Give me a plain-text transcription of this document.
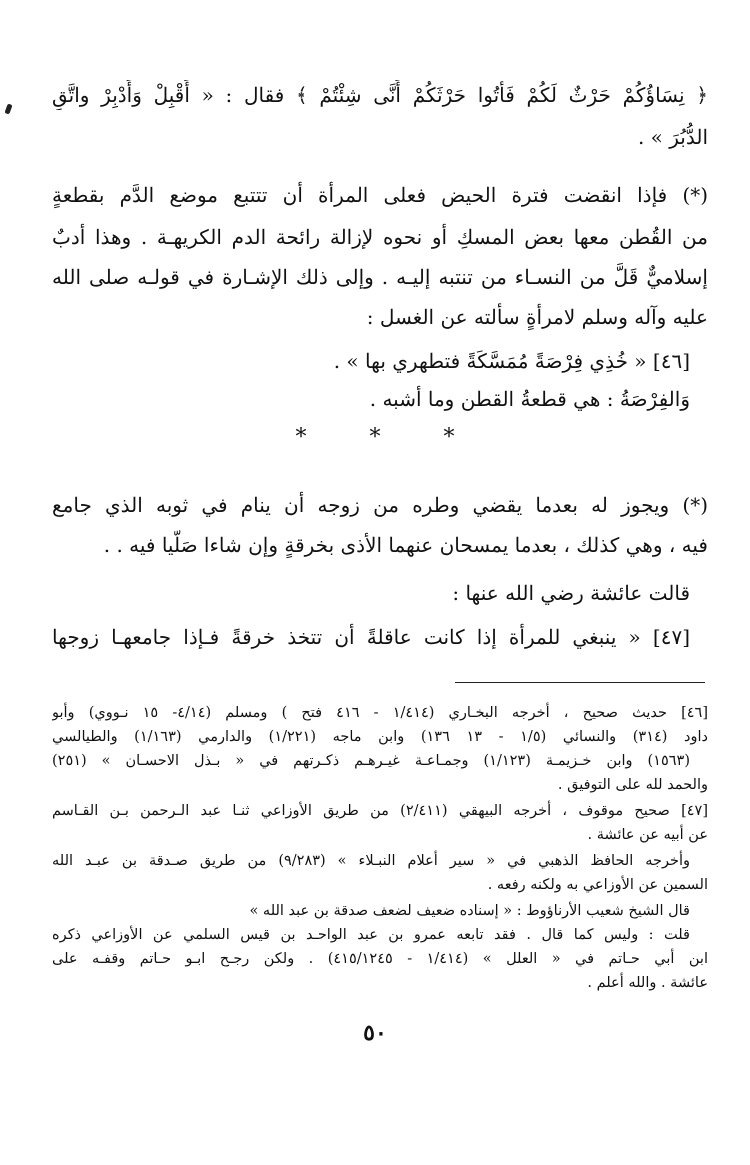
﴿ نِسَاؤُكُمْ حَرْثٌ لَكُمْ فَأْتُوا حَرْثَكُمْ أَنَّى شِئْتُمْ ﴾ فقال : « أَقْبِلْ وَأَدْبِرْ واتَّقِ
الدُّبُرَ » .
(*) فإذا انقضت فترة الحيض فعلى المرأة أن تتتبع موضع الدَّم بقطعةٍ
من القُطن معها بعض المسكِ أو نحوه لإزالة رائحة الدم الكريهـة . وهذا أدبٌ
إسلاميٌّ قَلَّ من النسـاء من تنتبه إليـه . وإلى ذلك الإشـارة في قولـه صلى الله
عليه وآله وسلم لامرأةٍ سألته عن الغسل :
[٤٦] « خُذِي فِرْصَةً مُمَسَّكَةً فتطهري بها » .
وَالفِرْصَةُ : هي قطعةُ القطن وما أشبه .
* * *
(*) ويجوز له بعدما يقضي وطره من زوجه أن ينام في ثوبه الذي جامع
فيه ، وهي كذلك ، بعدما يمسحان عنهما الأذى بخرقةٍ وإن شاءا صَلَّيا فيه . .
قالت عائشة رضي الله عنها :
[٤٧] « ينبغي للمرأة إذا كانت عاقلةً أن تتخذ خرقةً فـإذا جامعهـا زوجها
[٤٦] حديث صحيح ، أخرجه البخـاري (١/٤١٤ - ٤١٦ فتح ) ومسلم (٤/١٤- ١٥ نـووي) وأبو
داود (٣١٤) والنسائي (١/٥ - ١٣ ١٣٦) وابن ماجه (١/٢٢١) والدارمي (١/١٦٣) والطيالسي
(١٥٦٣) وابن خـزيمـة (١/١٢٣) وجمـاعـة غيـرهـم ذكـرتهم في « بـذل الاحسـان » (٢٥١)
والحمد لله على التوفيق .
[٤٧] صحيح موقوف ، أخرجه البيهقي (٢/٤١١) من طريق الأوزاعي ثنـا عبد الـرحمن بـن القـاسم
عن أبيه عن عائشة .
وأخرجه الحافظ الذهبي في « سير أعلام النبـلاء » (٩/٢٨٣) من طريق صـدقة بن عبـد الله
السمين عن الأوزاعي به ولكنه رفعه .
قال الشيخ شعيب الأرناؤوط : « إسناده ضعيف لضعف صدقة بن عبد الله »
قلت : وليس كما قال . فقد تابعه عمرو بن عبد الواحـد بن قيس السلمي عن الأوزاعي ذكره
ابن أبي حـاتم في « العلل » (١/٤١٤ - ٤١٥/١٢٤٥) . ولكن رجـح ابـو حـاتم وقفـه على
عائشة . والله أعلم .
٥٠
